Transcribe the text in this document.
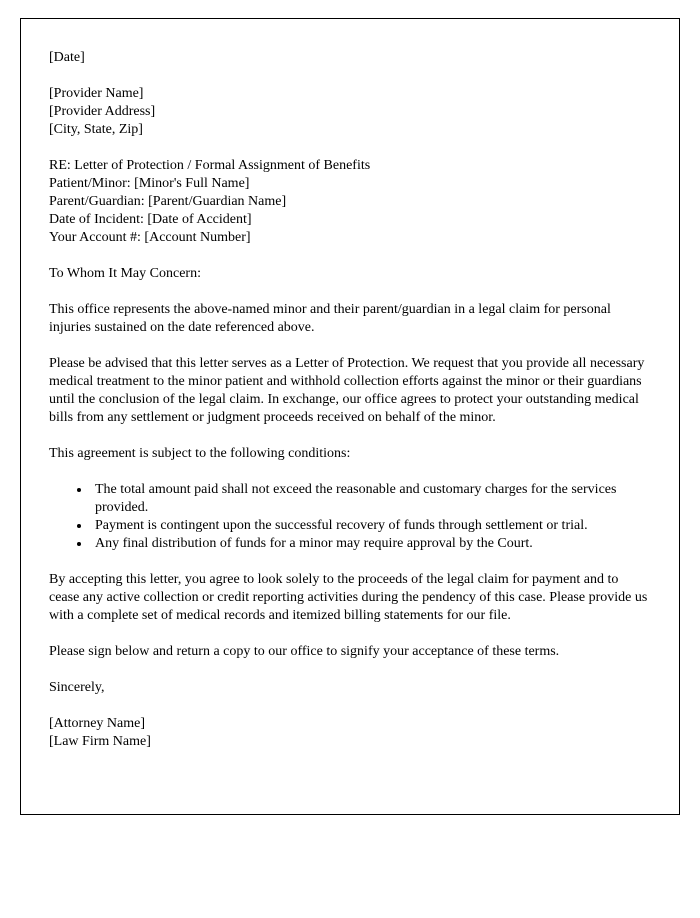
[Date]
[Provider Name]
[Provider Address]
[City, State, Zip]
RE: Letter of Protection / Formal Assignment of Benefits
Patient/Minor: [Minor's Full Name]
Parent/Guardian: [Parent/Guardian Name]
Date of Incident: [Date of Accident]
Your Account #: [Account Number]
To Whom It May Concern:

This office represents the above-named minor and their parent/guardian in a legal claim for personal injuries sustained on the date referenced above.

Please be advised that this letter serves as a Letter of Protection. We request that you provide all necessary medical treatment to the minor patient and withhold collection efforts against the minor or their guardians until the conclusion of the legal claim. In exchange, our office agrees to protect your outstanding medical bills from any settlement or judgment proceeds received on behalf of the minor.

This agreement is subject to the following conditions:

• The total amount paid shall not exceed the reasonable and customary charges for the services provided.
• Payment is contingent upon the successful recovery of funds through settlement or trial.
• Any final distribution of funds for a minor may require approval by the Court.

By accepting this letter, you agree to look solely to the proceeds of the legal claim for payment and to cease any active collection or credit reporting activities during the pendency of this case. Please provide us with a complete set of medical records and itemized billing statements for our file.

Please sign below and return a copy to our office to signify your acceptance of these terms.

Sincerely,
[Attorney Name]
[Law Firm Name]
